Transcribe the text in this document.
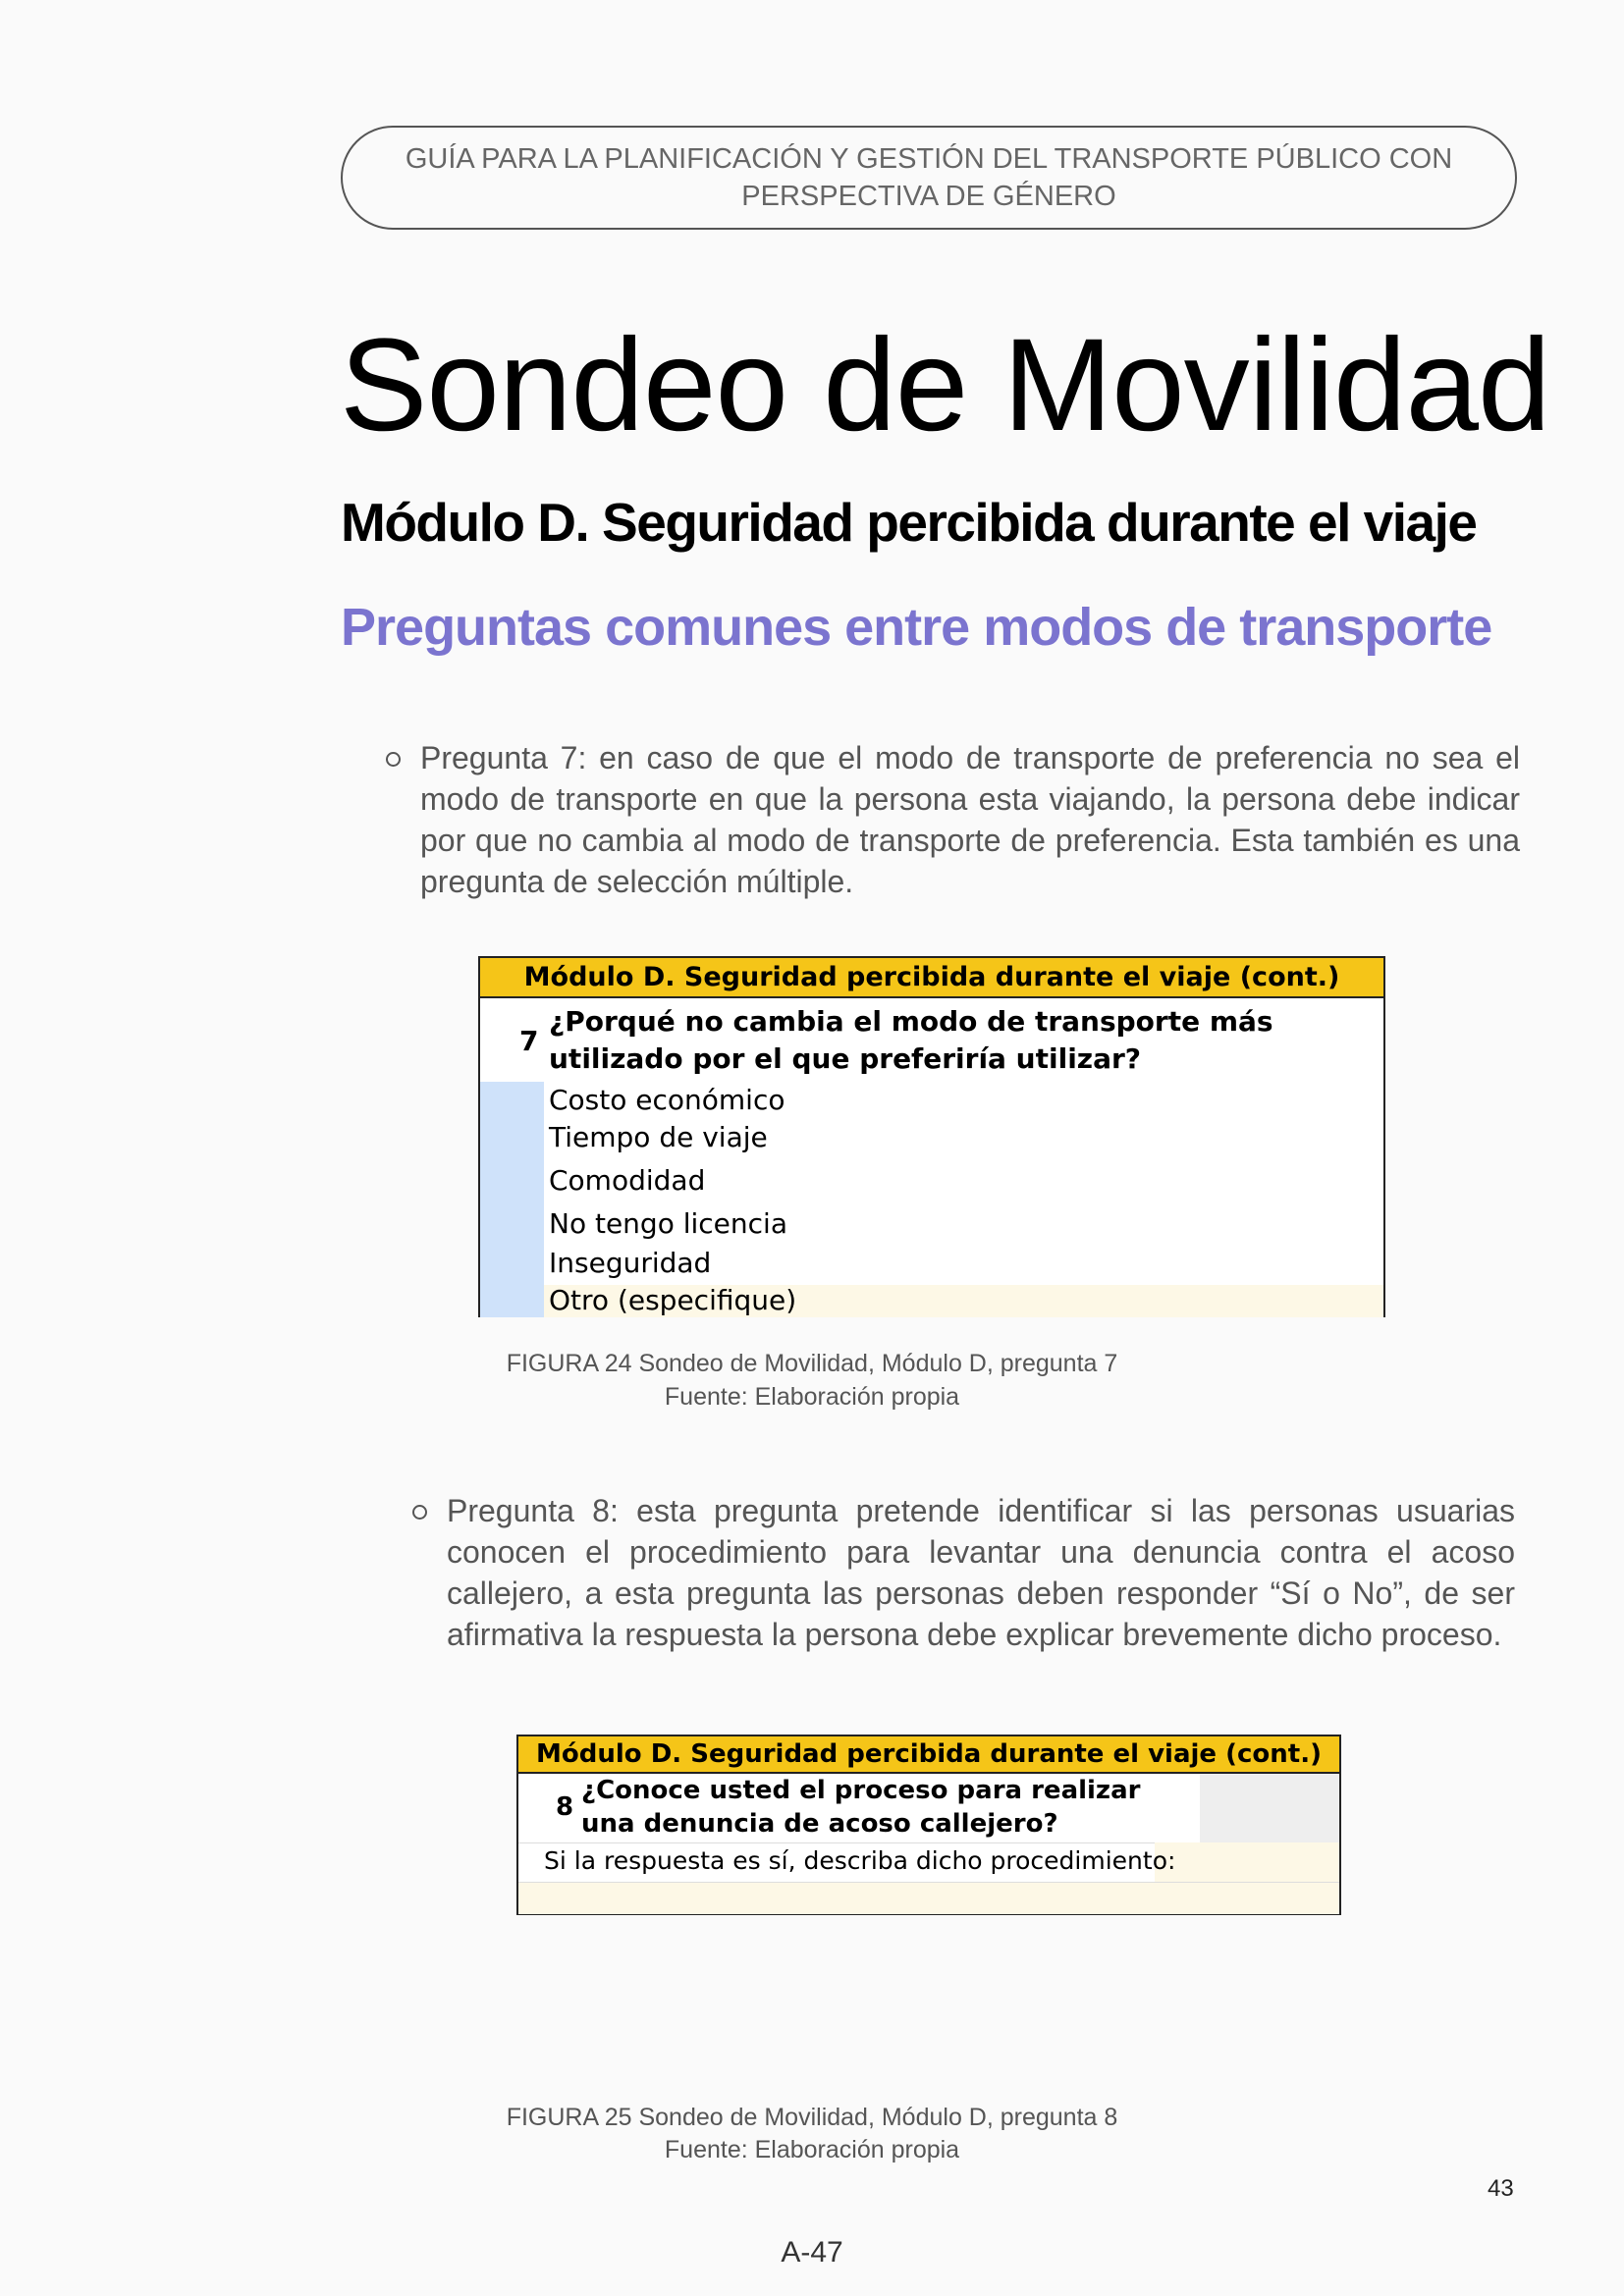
GUÍA PARA LA PLANIFICACIÓN Y GESTIÓN DEL TRANSPORTE PÚBLICO CON
PERSPECTIVA DE GÉNERO
Sondeo de Movilidad
Módulo D. Seguridad percibida durante el viaje
Preguntas comunes entre modos de transporte
Pregunta 7: en caso de que el modo de transporte de preferencia no sea el modo de transporte en que la persona esta viajando, la persona debe indicar por que no cambia al modo de transporte de preferencia. Esta también es una pregunta de selección múltiple.
Módulo D. Seguridad percibida durante el viaje (cont.)
7
¿Porqué no cambia el modo de transporte más utilizado por el que preferiría utilizar?
Costo económico
Tiempo de viaje
Comodidad
No tengo licencia
Inseguridad
Otro (especifique)
FIGURA 24 Sondeo de Movilidad, Módulo D, pregunta 7
Fuente: Elaboración propia
Pregunta 8: esta pregunta pretende identificar si las personas usuarias conocen el procedimiento para levantar una denuncia contra el acoso callejero, a esta pregunta las personas deben responder “Sí o No”, de ser afirmativa la respuesta la persona debe explicar brevemente dicho proceso.
Módulo D. Seguridad percibida durante el viaje (cont.)
8
¿Conoce usted el proceso para realizar una denuncia de acoso callejero?
Si la respuesta es sí, describa dicho procedimiento:
FIGURA 25 Sondeo de Movilidad, Módulo D, pregunta 8
Fuente: Elaboración propia
43
A-47
